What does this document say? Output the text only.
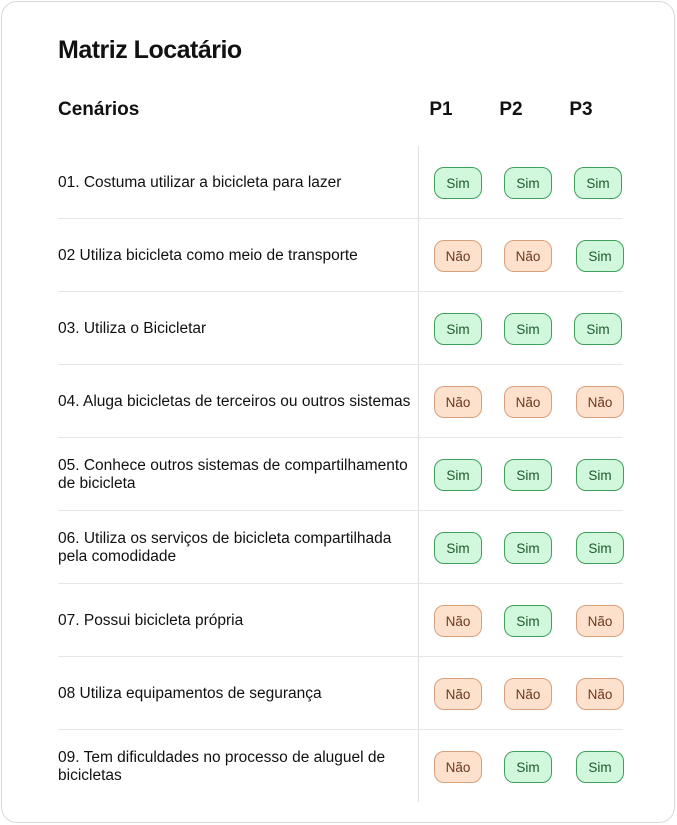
Matriz Locatário
Cenários	P1	P2	P3
01. Costuma utilizar a bicicleta para lazer	Sim	Sim	Sim
02 Utiliza bicicleta como meio de transporte	Não	Não	Sim
03. Utiliza o Bicicletar	Sim	Sim	Sim
04. Aluga bicicletas de terceiros ou outros sistemas	Não	Não	Não
05. Conhece outros sistemas de compartilhamento de bicicleta	Sim	Sim	Sim
06. Utiliza os serviços de bicicleta compartilhada pela comodidade	Sim	Sim	Sim
07. Possui bicicleta própria	Não	Sim	Não
08 Utiliza equipamentos de segurança	Não	Não	Não
09. Tem dificuldades no processo de aluguel de bicicletas	Não	Sim	Sim
